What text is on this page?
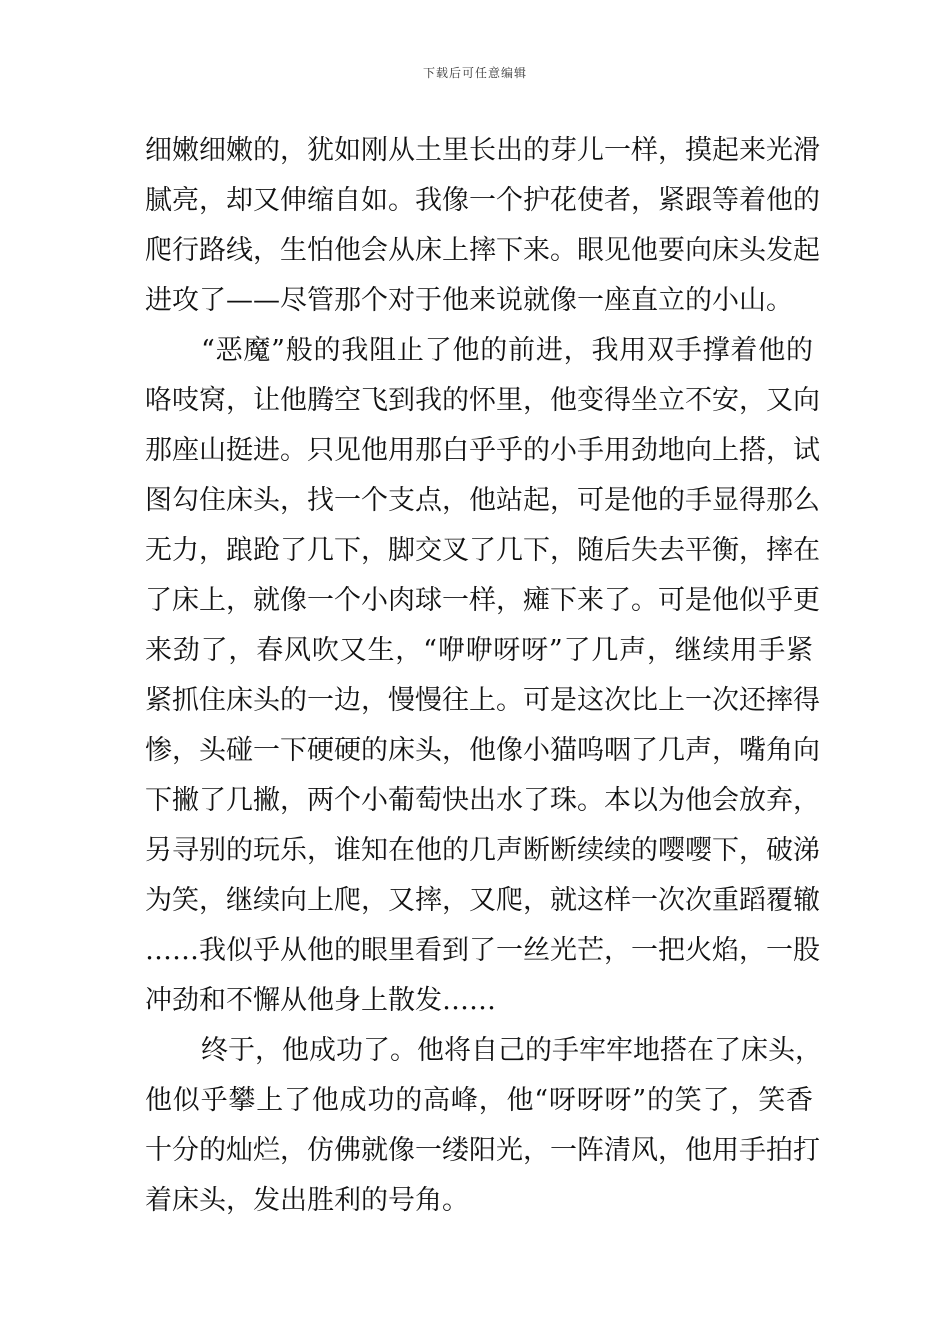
下载后可任意编辑
细嫩细嫩的，犹如刚从土里长出的芽儿一样，摸起来光滑
腻亮，却又伸缩自如。我像一个护花使者，紧跟等着他的
爬行路线，生怕他会从床上摔下来。眼见他要向床头发起
进攻了——尽管那个对于他来说就像一座直立的小山。
“恶魔”般的我阻止了他的前进，我用双手撑着他的
咯吱窝，让他腾空飞到我的怀里，他变得坐立不安，又向
那座山挺进。只见他用那白乎乎的小手用劲地向上搭，试
图勾住床头，找一个支点，他站起，可是他的手显得那么
无力，踉跄了几下，脚交叉了几下，随后失去平衡，摔在
了床上，就像一个小肉球一样，瘫下来了。可是他似乎更
来劲了，春风吹又生，“咿咿呀呀”了几声，继续用手紧
紧抓住床头的一边，慢慢往上。可是这次比上一次还摔得
惨，头碰一下硬硬的床头，他像小猫呜咽了几声，嘴角向
下撇了几撇，两个小葡萄快出水了珠。本以为他会放弃，
另寻别的玩乐，谁知在他的几声断断续续的嘤嘤下，破涕
为笑，继续向上爬，又摔，又爬，就这样一次次重蹈覆辙
……我似乎从他的眼里看到了一丝光芒，一把火焰，一股
冲劲和不懈从他身上散发……
终于，他成功了。他将自己的手牢牢地搭在了床头，
他似乎攀上了他成功的高峰，他“呀呀呀”的笑了，笑香
十分的灿烂，仿佛就像一缕阳光，一阵清风，他用手拍打
着床头，发出胜利的号角。
